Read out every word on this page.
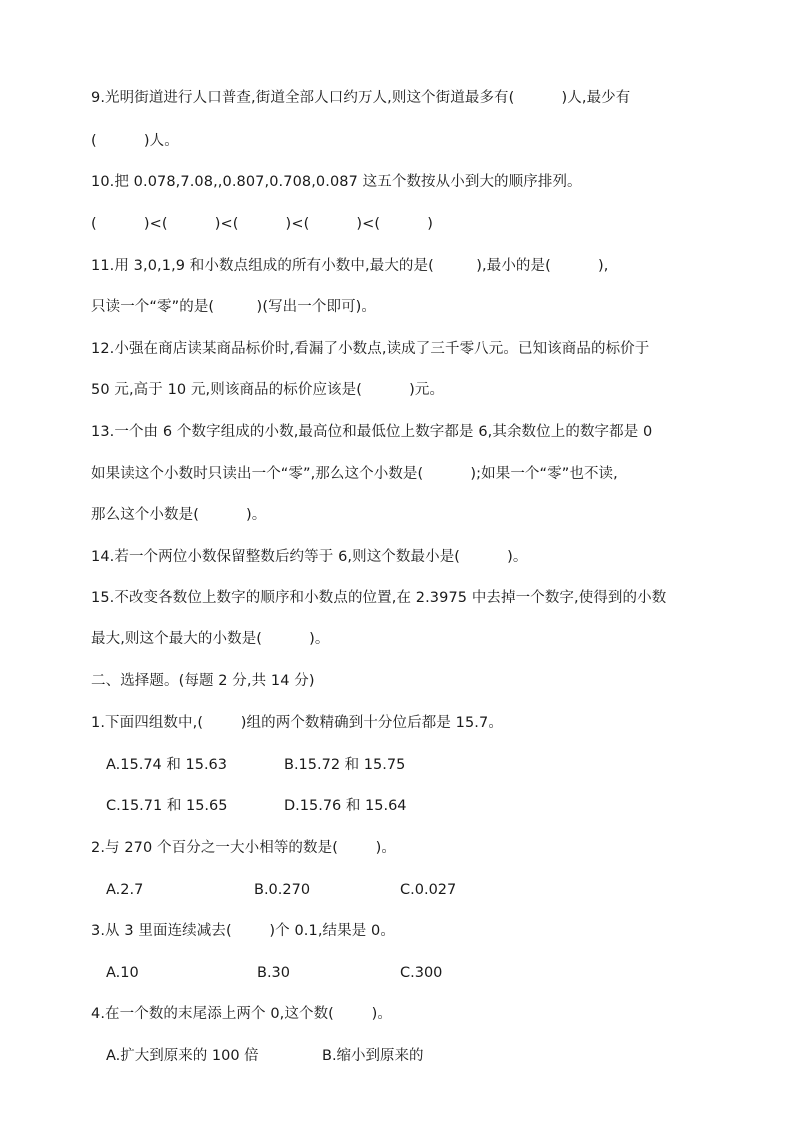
9.光明街道进行人口普查,街道全部人口约万人,则这个街道最多有(          )人,最少有
(          )人。
10.把 0.078,7.08,,0.807,0.708,0.087 这五个数按从小到大的顺序排列。
(          )<(          )<(          )<(          )<(          )
11.用 3,0,1,9 和小数点组成的所有小数中,最大的是(         ),最小的是(          ),
只读一个“零”的是(         )(写出一个即可)。
12.小强在商店读某商品标价时,看漏了小数点,读成了三千零八元。已知该商品的标价于
50 元,高于 10 元,则该商品的标价应该是(          )元。
13.一个由 6 个数字组成的小数,最高位和最低位上数字都是 6,其余数位上的数字都是 0
如果读这个小数时只读出一个“零”,那么这个小数是(          );如果一个“零”也不读,
那么这个小数是(          )。
14.若一个两位小数保留整数后约等于 6,则这个数最小是(          )。
15.不改变各数位上数字的顺序和小数点的位置,在 2.3975 中去掉一个数字,使得到的小数
最大,则这个最大的小数是(          )。
二、选择题。(每题 2 分,共 14 分)
1.下面四组数中,(        )组的两个数精确到十分位后都是 15.7。
A.15.74 和 15.63	B.15.72 和 15.75
C.15.71 和 15.65	D.15.76 和 15.64
2.与 270 个百分之一大小相等的数是(        )。
A.2.7	B.0.270	C.0.027
3.从 3 里面连续减去(        )个 0.1,结果是 0。
A.10	B.30	C.300
4.在一个数的末尾添上两个 0,这个数(        )。
A.扩大到原来的 100 倍	B.缩小到原来的
